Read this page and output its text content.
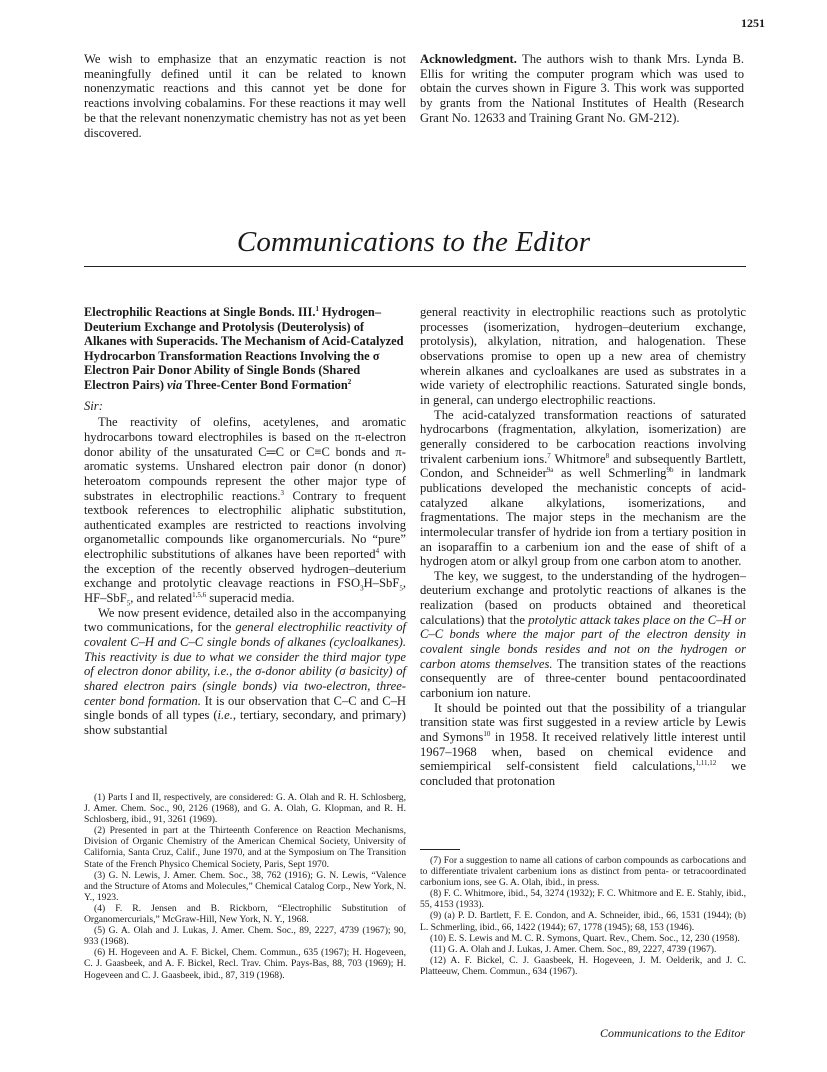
1251

We wish to emphasize that an enzymatic reaction is not meaningfully defined until it can be related to known nonenzymatic reactions and this cannot yet be done for reactions involving cobalamins. For these reactions it may well be that the relevant nonenzymatic chemistry has not as yet been discovered.

Acknowledgment. The authors wish to thank Mrs. Lynda B. Ellis for writing the computer program which was used to obtain the curves shown in Figure 3. This work was supported by grants from the National Institutes of Health (Research Grant No. 12633 and Training Grant No. GM-212).

Communications to the Editor

Electrophilic Reactions at Single Bonds. III.$^1$ Hydrogen–Deuterium Exchange and Protolysis (Deuterolysis) of Alkanes with Superacids. The Mechanism of Acid-Catalyzed Hydrocarbon Transformation Reactions Involving the σ Electron Pair Donor Ability of Single Bonds (Shared Electron Pairs) via Three-Center Bond Formation$^2$

Sir:

The reactivity of olefins, acetylenes, and aromatic hydrocarbons toward electrophiles is based on the π-electron donor ability of the unsaturated C═C or C≡C bonds and π-aromatic systems. Unshared electron pair donor (n donor) heteroatom compounds represent the other major type of substrates in electrophilic reactions.$^3$ Contrary to frequent textbook references to electrophilic aliphatic substitution, authenticated examples are restricted to reactions involving organometallic compounds like organomercurials. No “pure” electrophilic substitutions of alkanes have been reported$^4$ with the exception of the recently observed hydrogen–deuterium exchange and protolytic cleavage reactions in $FSO_3H-SbF_5$, HF–SbF$_5$, and related$^{1,5,6}$ superacid media.

We now present evidence, detailed also in the accompanying two communications, for the general electrophilic reactivity of covalent C–H and C–C single bonds of alkanes (cycloalkanes). This reactivity is due to what we consider the third major type of electron donor ability, i.e., the σ-donor ability (σ basicity) of shared electron pairs (single bonds) via two-electron, three-center bond formation. It is our observation that C–C and C–H single bonds of all types (i.e., tertiary, secondary, and primary) show substantial

general reactivity in electrophilic reactions such as protolytic processes (isomerization, hydrogen–deuterium exchange, protolysis), alkylation, nitration, and halogenation. These observations promise to open up a new area of chemistry wherein alkanes and cycloalkanes are used as substrates in a wide variety of electrophilic reactions. Saturated single bonds, in general, can undergo electrophilic reactions.

The acid-catalyzed transformation reactions of saturated hydrocarbons (fragmentation, alkylation, isomerization) are generally considered to be carbocation reactions involving trivalent carbenium ions.$^7$ Whitmore$^8$ and subsequently Bartlett, Condon, and Schneider$^{9a}$ as well Schmerling$^{9b}$ in landmark publications developed the mechanistic concepts of acid-catalyzed alkane alkylations, isomerizations, and fragmentations. The major steps in the mechanism are the intermolecular transfer of hydride ion from a tertiary position in an isoparaffin to a carbenium ion and the ease of shift of a hydrogen atom or alkyl group from one carbon atom to another.

The key, we suggest, to the understanding of the hydrogen–deuterium exchange and protolytic reactions of alkanes is the realization (based on products obtained and theoretical calculations) that the protolytic attack takes place on the C–H or C–C bonds where the major part of the electron density in covalent single bonds resides and not on the hydrogen or carbon atoms themselves. The transition states of the reactions consequently are of three-center bound pentacoordinated carbonium ion nature.

It should be pointed out that the possibility of a triangular transition state was first suggested in a review article by Lewis and Symons$^{10}$ in 1958. It received relatively little interest until 1967–1968 when, based on chemical evidence and semiempirical self-consistent field calculations,$^{1,11,12}$ we concluded that protonation

(1) Parts I and II, respectively, are considered: G. A. Olah and R. H. Schlosberg, J. Amer. Chem. Soc., 90, 2126 (1968), and G. A. Olah, G. Klopman, and R. H. Schlosberg, ibid., 91, 3261 (1969).

(2) Presented in part at the Thirteenth Conference on Reaction Mechanisms, Division of Organic Chemistry of the American Chemical Society, University of California, Santa Cruz, Calif., June 1970, and at the Symposium on The Transition State of the French Physico Chemical Society, Paris, Sept 1970.

(3) G. N. Lewis, J. Amer. Chem. Soc., 38, 762 (1916); G. N. Lewis, “Valence and the Structure of Atoms and Molecules,” Chemical Catalog Corp., New York, N. Y., 1923.

(4) F. R. Jensen and B. Rickborn, “Electrophilic Substitution of Organomercurials,” McGraw-Hill, New York, N. Y., 1968.

(5) G. A. Olah and J. Lukas, J. Amer. Chem. Soc., 89, 2227, 4739 (1967); 90, 933 (1968).

(6) H. Hogeveen and A. F. Bickel, Chem. Commun., 635 (1967); H. Hogeveen, C. J. Gaasbeek, and A. F. Bickel, Recl. Trav. Chim. Pays-Bas, 88, 703 (1969); H. Hogeveen and C. J. Gaasbeek, ibid., 87, 319 (1968).

(7) For a suggestion to name all cations of carbon compounds as carbocations and to differentiate trivalent carbenium ions as distinct from penta- or tetracoordinated carbonium ions, see G. A. Olah, ibid., in press.

(8) F. C. Whitmore, ibid., 54, 3274 (1932); F. C. Whitmore and E. E. Stahly, ibid., 55, 4153 (1933).

(9) (a) P. D. Bartlett, F. E. Condon, and A. Schneider, ibid., 66, 1531 (1944); (b) L. Schmerling, ibid., 66, 1422 (1944); 67, 1778 (1945); 68, 153 (1946).

(10) E. S. Lewis and M. C. R. Symons, Quart. Rev., Chem. Soc., 12, 230 (1958).

(11) G. A. Olah and J. Lukas, J. Amer. Chem. Soc., 89, 2227, 4739 (1967).

(12) A. F. Bickel, C. J. Gaasbeek, H. Hogeveen, J. M. Oelderik, and J. C. Platteeuw, Chem. Commun., 634 (1967).

Communications to the Editor
